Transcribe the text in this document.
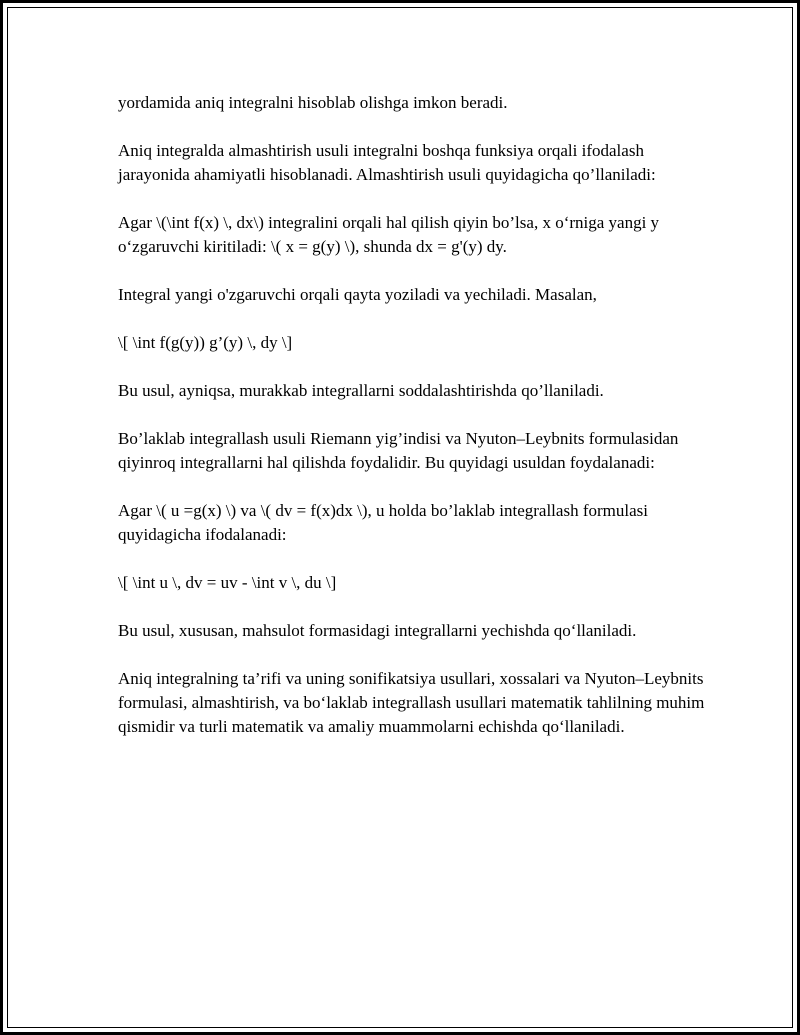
yordamida aniq integralni hisoblab olishga imkon beradi.

Aniq integralda almashtirish usuli integralni boshqa funksiya orqali ifodalash jarayonida ahamiyatli hisoblanadi. Almashtirish usuli quyidagicha qo’llaniladi:

Agar \(\int f(x) \, dx\) integralini orqali hal qilish qiyin bo’lsa, x o‘rniga yangi y o‘zgaruvchi kiritiladi: \( x = g(y) \), shunda dx = g'(y) dy.

Integral yangi o'zgaruvchi orqali qayta yoziladi va yechiladi. Masalan,

\[ \int f(g(y)) g’(y) \, dy \]

Bu usul, ayniqsa, murakkab integrallarni soddalashtirishda qo’llaniladi.

Bo’laklab integrallash usuli Riemann yig’indisi va Nyuton–Leybnits formulasidan qiyinroq integrallarni hal qilishda foydalidir. Bu quyidagi usuldan foydalanadi:

Agar \( u =g(x) \) va \( dv = f(x)dx \), u holda bo’laklab integrallash formulasi quyidagicha ifodalanadi:

\[ \int u \, dv = uv - \int v \, du \]

Bu usul, xususan, mahsulot formasidagi integrallarni yechishda qo‘llaniladi.

Aniq integralning ta’rifi va uning sonifikatsiya usullari, xossalari va Nyuton–Leybnits formulasi, almashtirish, va bo‘laklab integrallash usullari matematik tahlilning muhim qismidir va turli matematik va amaliy muammolarni echishda qo‘llaniladi.
